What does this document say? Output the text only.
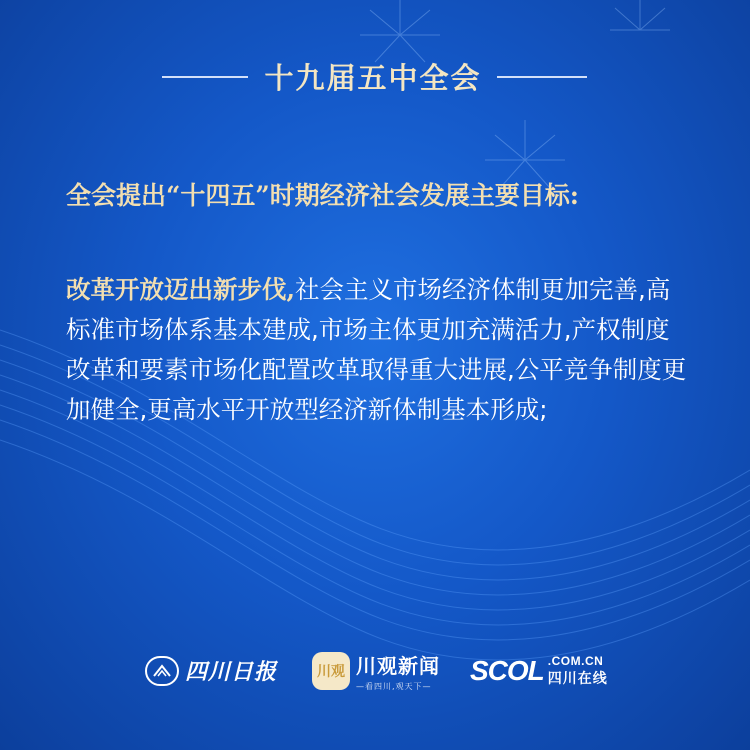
十九届五中全会
全会提出“十四五”时期经济社会发展主要目标:
改革开放迈出新步伐,社会主义市场经济体制更加完善,高标准市场体系基本建成,市场主体更加充满活力,产权制度改革和要素市场化配置改革取得重大进展,公平竞争制度更加健全,更高水平开放型经济新体制基本形成;
四川日报	川观 川观新闻
—看四川,观天下—
SCOL .COM.CN
四川在线
